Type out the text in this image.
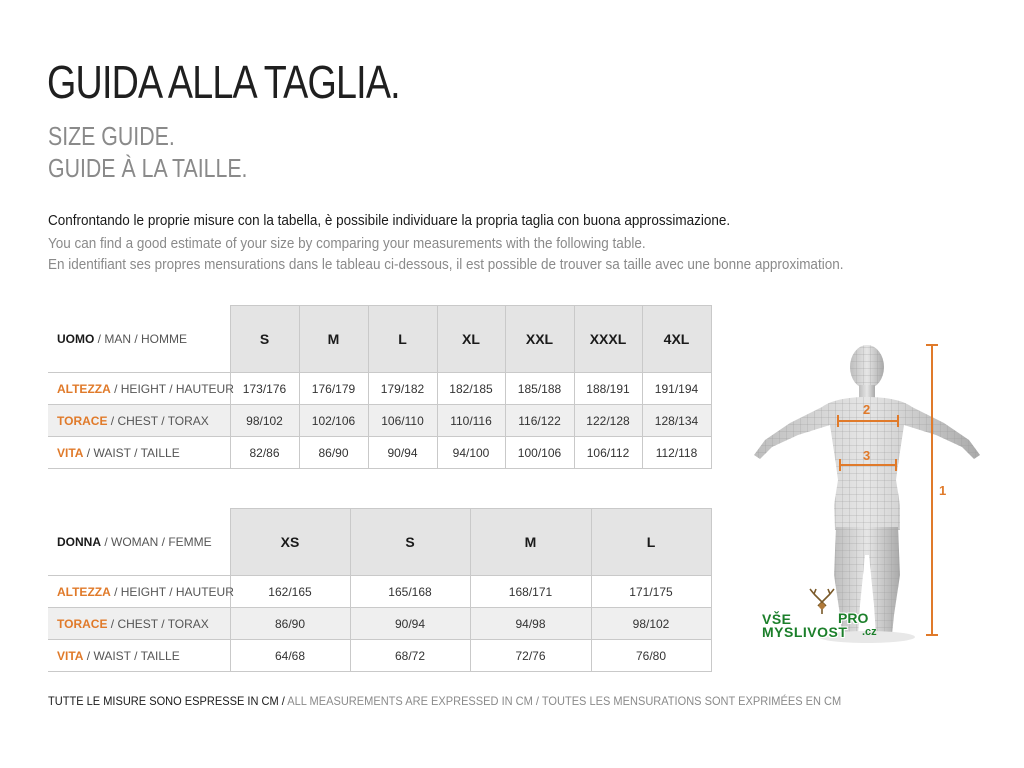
GUIDA ALLA TAGLIA.
SIZE GUIDE.
GUIDE À LA TAILLE.

Confrontando le proprie misure con la tabella, è possibile individuare la propria taglia con buona approssimazione.

You can find a good estimate of your size by comparing your measurements with the following table.

En identifiant ses propres mensurations dans le tableau ci-dessous, il est possible de trouver sa taille avec une bonne approximation.

UOMO / MAN / HOMME	S	M	L	XL	XXL	XXXL	4XL
ALTEZZA / HEIGHT / HAUTEUR	173/176	176/179	179/182	182/185	185/188	188/191	191/194
TORACE / CHEST / TORAX	98/102	102/106	106/110	110/116	116/122	122/128	128/134
VITA / WAIST / TAILLE	82/86	86/90	90/94	94/100	100/106	106/112	112/118
DONNA / WOMAN / FEMME	XS	S	M	L
ALTEZZA / HEIGHT / HAUTEUR	162/165	165/168	168/171	171/175
TORACE / CHEST / TORAX	86/90	90/94	94/98	98/102
VITA / WAIST / TAILLE	64/68	68/72	72/76	76/80

TUTTE LE MISURE SONO ESPRESSE IN CM / ALL MEASUREMENTS ARE EXPRESSED IN CM / TOUTES LES MENSURATIONS SONT EXPRIMÉES EN CM

2
3
1
VŠE	PRO
MYSLIVOST .cz
